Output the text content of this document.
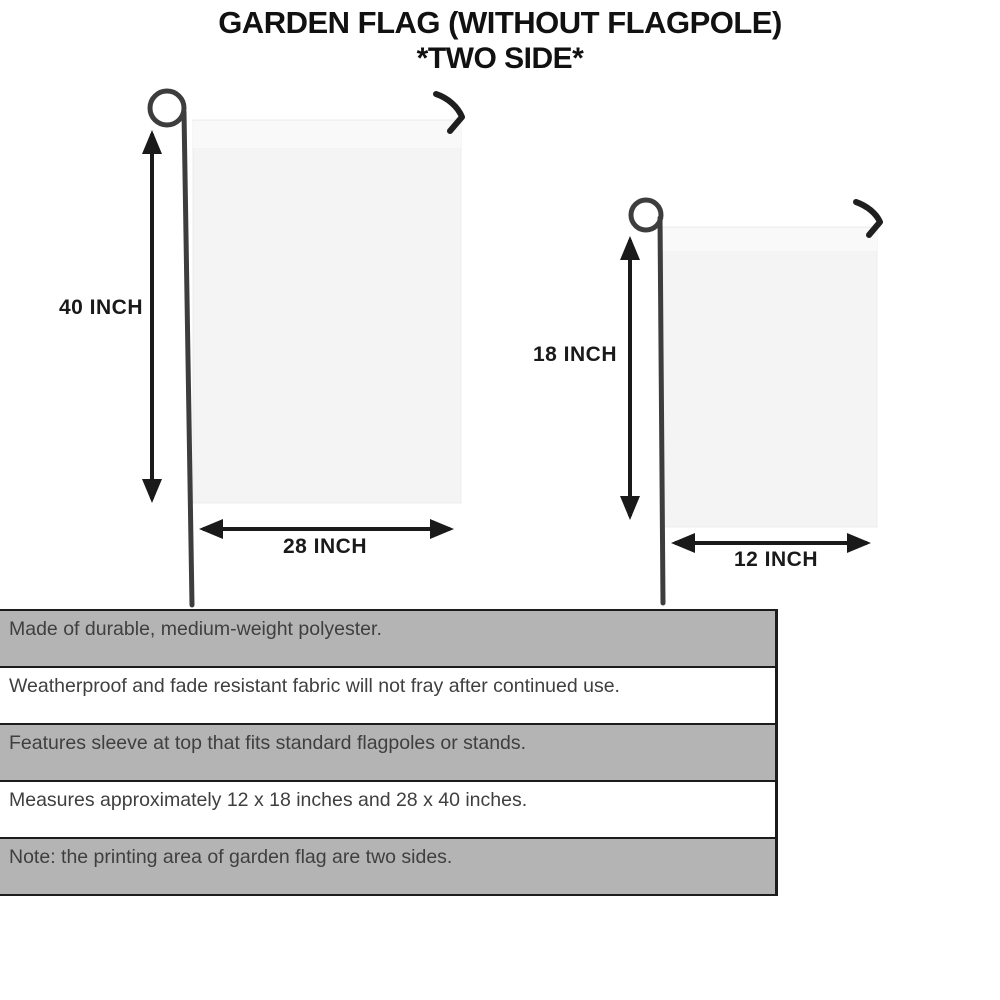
GARDEN FLAG (WITHOUT FLAGPOLE)
*TWO SIDE*
40 INCH
28 INCH
18 INCH
12 INCH
Made of durable, medium-weight polyester.
Weatherproof and fade resistant fabric will not fray after continued use.
Features sleeve at top that fits standard flagpoles or stands.
Measures approximately 12 x 18 inches and 28 x 40 inches.
Note: the printing area of garden flag are two sides.
